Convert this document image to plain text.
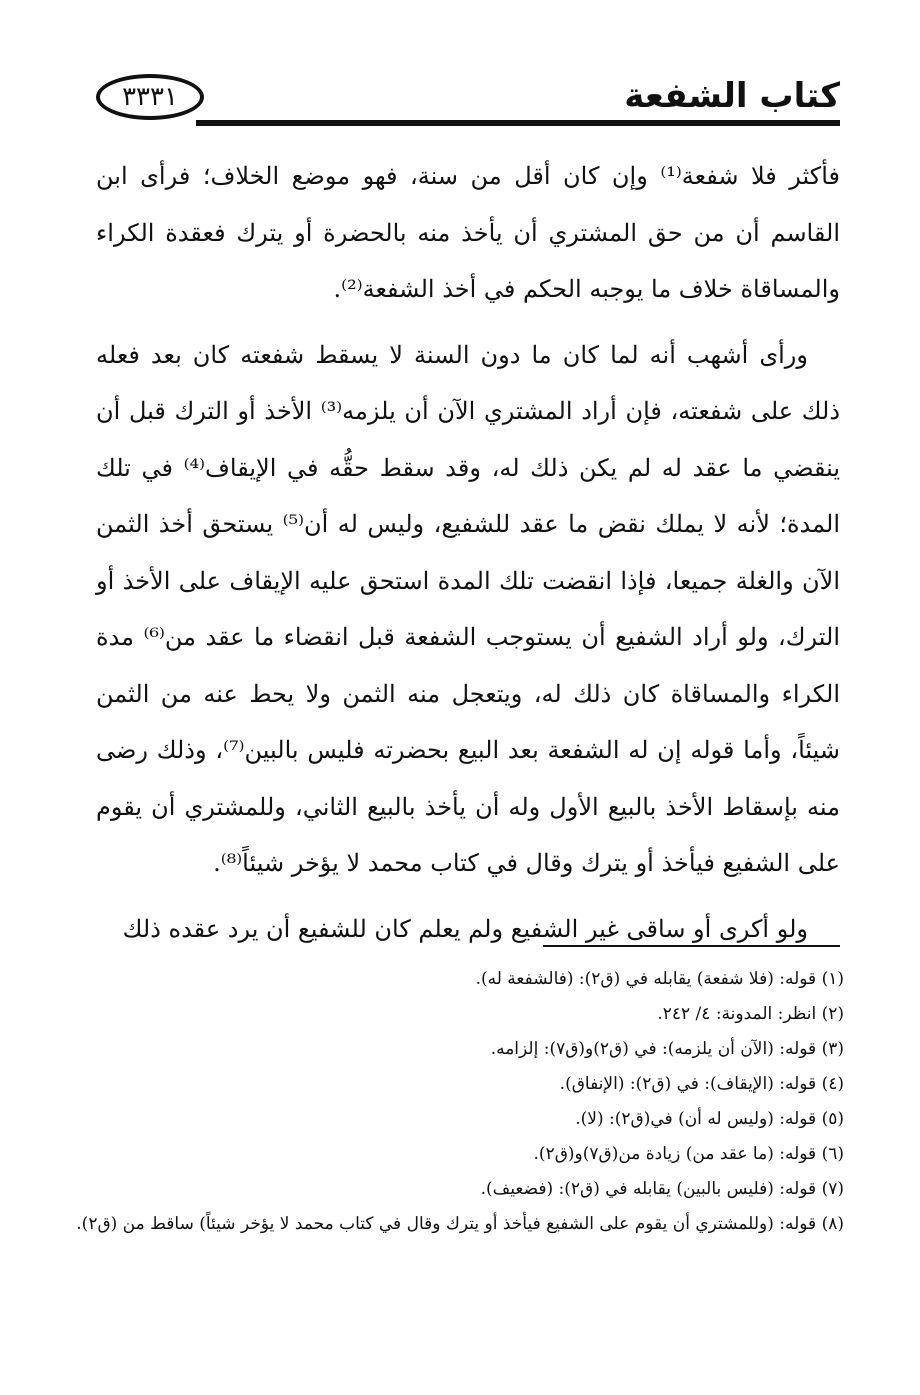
كتاب الشفعة
٣٣٣١

فأكثر فلا شفعة⁽¹⁾ وإن كان أقل من سنة، فهو موضع الخلاف؛ فرأى ابن القاسم أن من حق المشتري أن يأخذ منه بالحضرة أو يترك فعقدة الكراء والمساقاة خلاف ما يوجبه الحكم في أخذ الشفعة⁽²⁾.

ورأى أشهب أنه لما كان ما دون السنة لا يسقط شفعته كان بعد فعله ذلك على شفعته، فإن أراد المشتري الآن أن يلزمه⁽³⁾ الأخذ أو الترك قبل أن ينقضي ما عقد له لم يكن ذلك له، وقد سقط حقُّه في الإيقاف⁽⁴⁾ في تلك المدة؛ لأنه لا يملك نقض ما عقد للشفيع، وليس له أن⁽⁵⁾ يستحق أخذ الثمن الآن والغلة جميعا، فإذا انقضت تلك المدة استحق عليه الإيقاف على الأخذ أو الترك، ولو أراد الشفيع أن يستوجب الشفعة قبل انقضاء ما عقد من⁽⁶⁾ مدة الكراء والمساقاة كان ذلك له، ويتعجل منه الثمن ولا يحط عنه من الثمن شيئاً، وأما قوله إن له الشفعة بعد البيع بحضرته فليس بالبين⁽⁷⁾، وذلك رضى منه بإسقاط الأخذ بالبيع الأول وله أن يأخذ بالبيع الثاني، وللمشتري أن يقوم على الشفيع فيأخذ أو يترك وقال في كتاب محمد لا يؤخر شيئاً⁽⁸⁾.

ولو أكرى أو ساقى غير الشفيع ولم يعلم كان للشفيع أن يرد عقده ذلك

(١) قوله: (فلا شفعة) يقابله في (ق٢): (فالشفعة له).

(٢) انظر: المدونة: ٤/ ٢٤٢.

(٣) قوله: (الآن أن يلزمه): في (ق٢)و(ق٧): إلزامه.

(٤) قوله: (الإيقاف): في (ق٢): (الإنفاق).

(٥) قوله: (وليس له أن) في(ق٢): (لا).

(٦) قوله: (ما عقد من) زيادة من(ق٧)و(ق٢).

(٧) قوله: (فليس بالبين) يقابله في (ق٢): (فضعيف).

(٨) قوله: (وللمشتري أن يقوم على الشفيع فيأخذ أو يترك وقال في كتاب محمد لا يؤخر شيئاً) ساقط من (ق٢).
